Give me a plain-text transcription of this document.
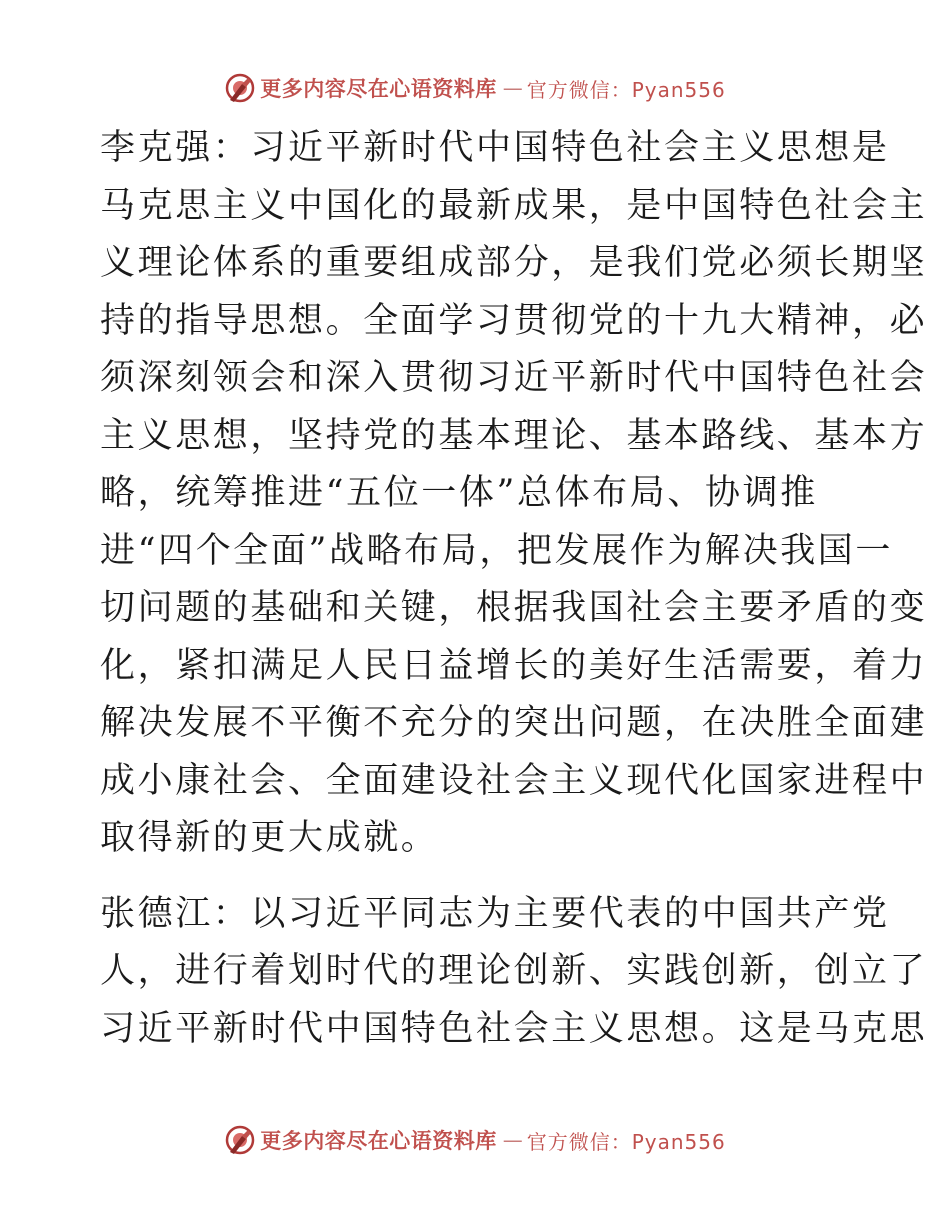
更多内容尽在心语资料库 — 官方微信：Pyan556
李克强：习近平新时代中国特色社会主义思想是
马克思主义中国化的最新成果，是中国特色社会主
义理论体系的重要组成部分，是我们党必须长期坚
持的指导思想。全面学习贯彻党的十九大精神，必
须深刻领会和深入贯彻习近平新时代中国特色社会
主义思想，坚持党的基本理论、基本路线、基本方
略，统筹推进“五位一体”总体布局、协调推
进“四个全面”战略布局，把发展作为解决我国一
切问题的基础和关键，根据我国社会主要矛盾的变
化，紧扣满足人民日益增长的美好生活需要，着力
解决发展不平衡不充分的突出问题，在决胜全面建
成小康社会、全面建设社会主义现代化国家进程中
取得新的更大成就。
张德江：以习近平同志为主要代表的中国共产党
人，进行着划时代的理论创新、实践创新，创立了
习近平新时代中国特色社会主义思想。这是马克思
更多内容尽在心语资料库 — 官方微信：Pyan556
